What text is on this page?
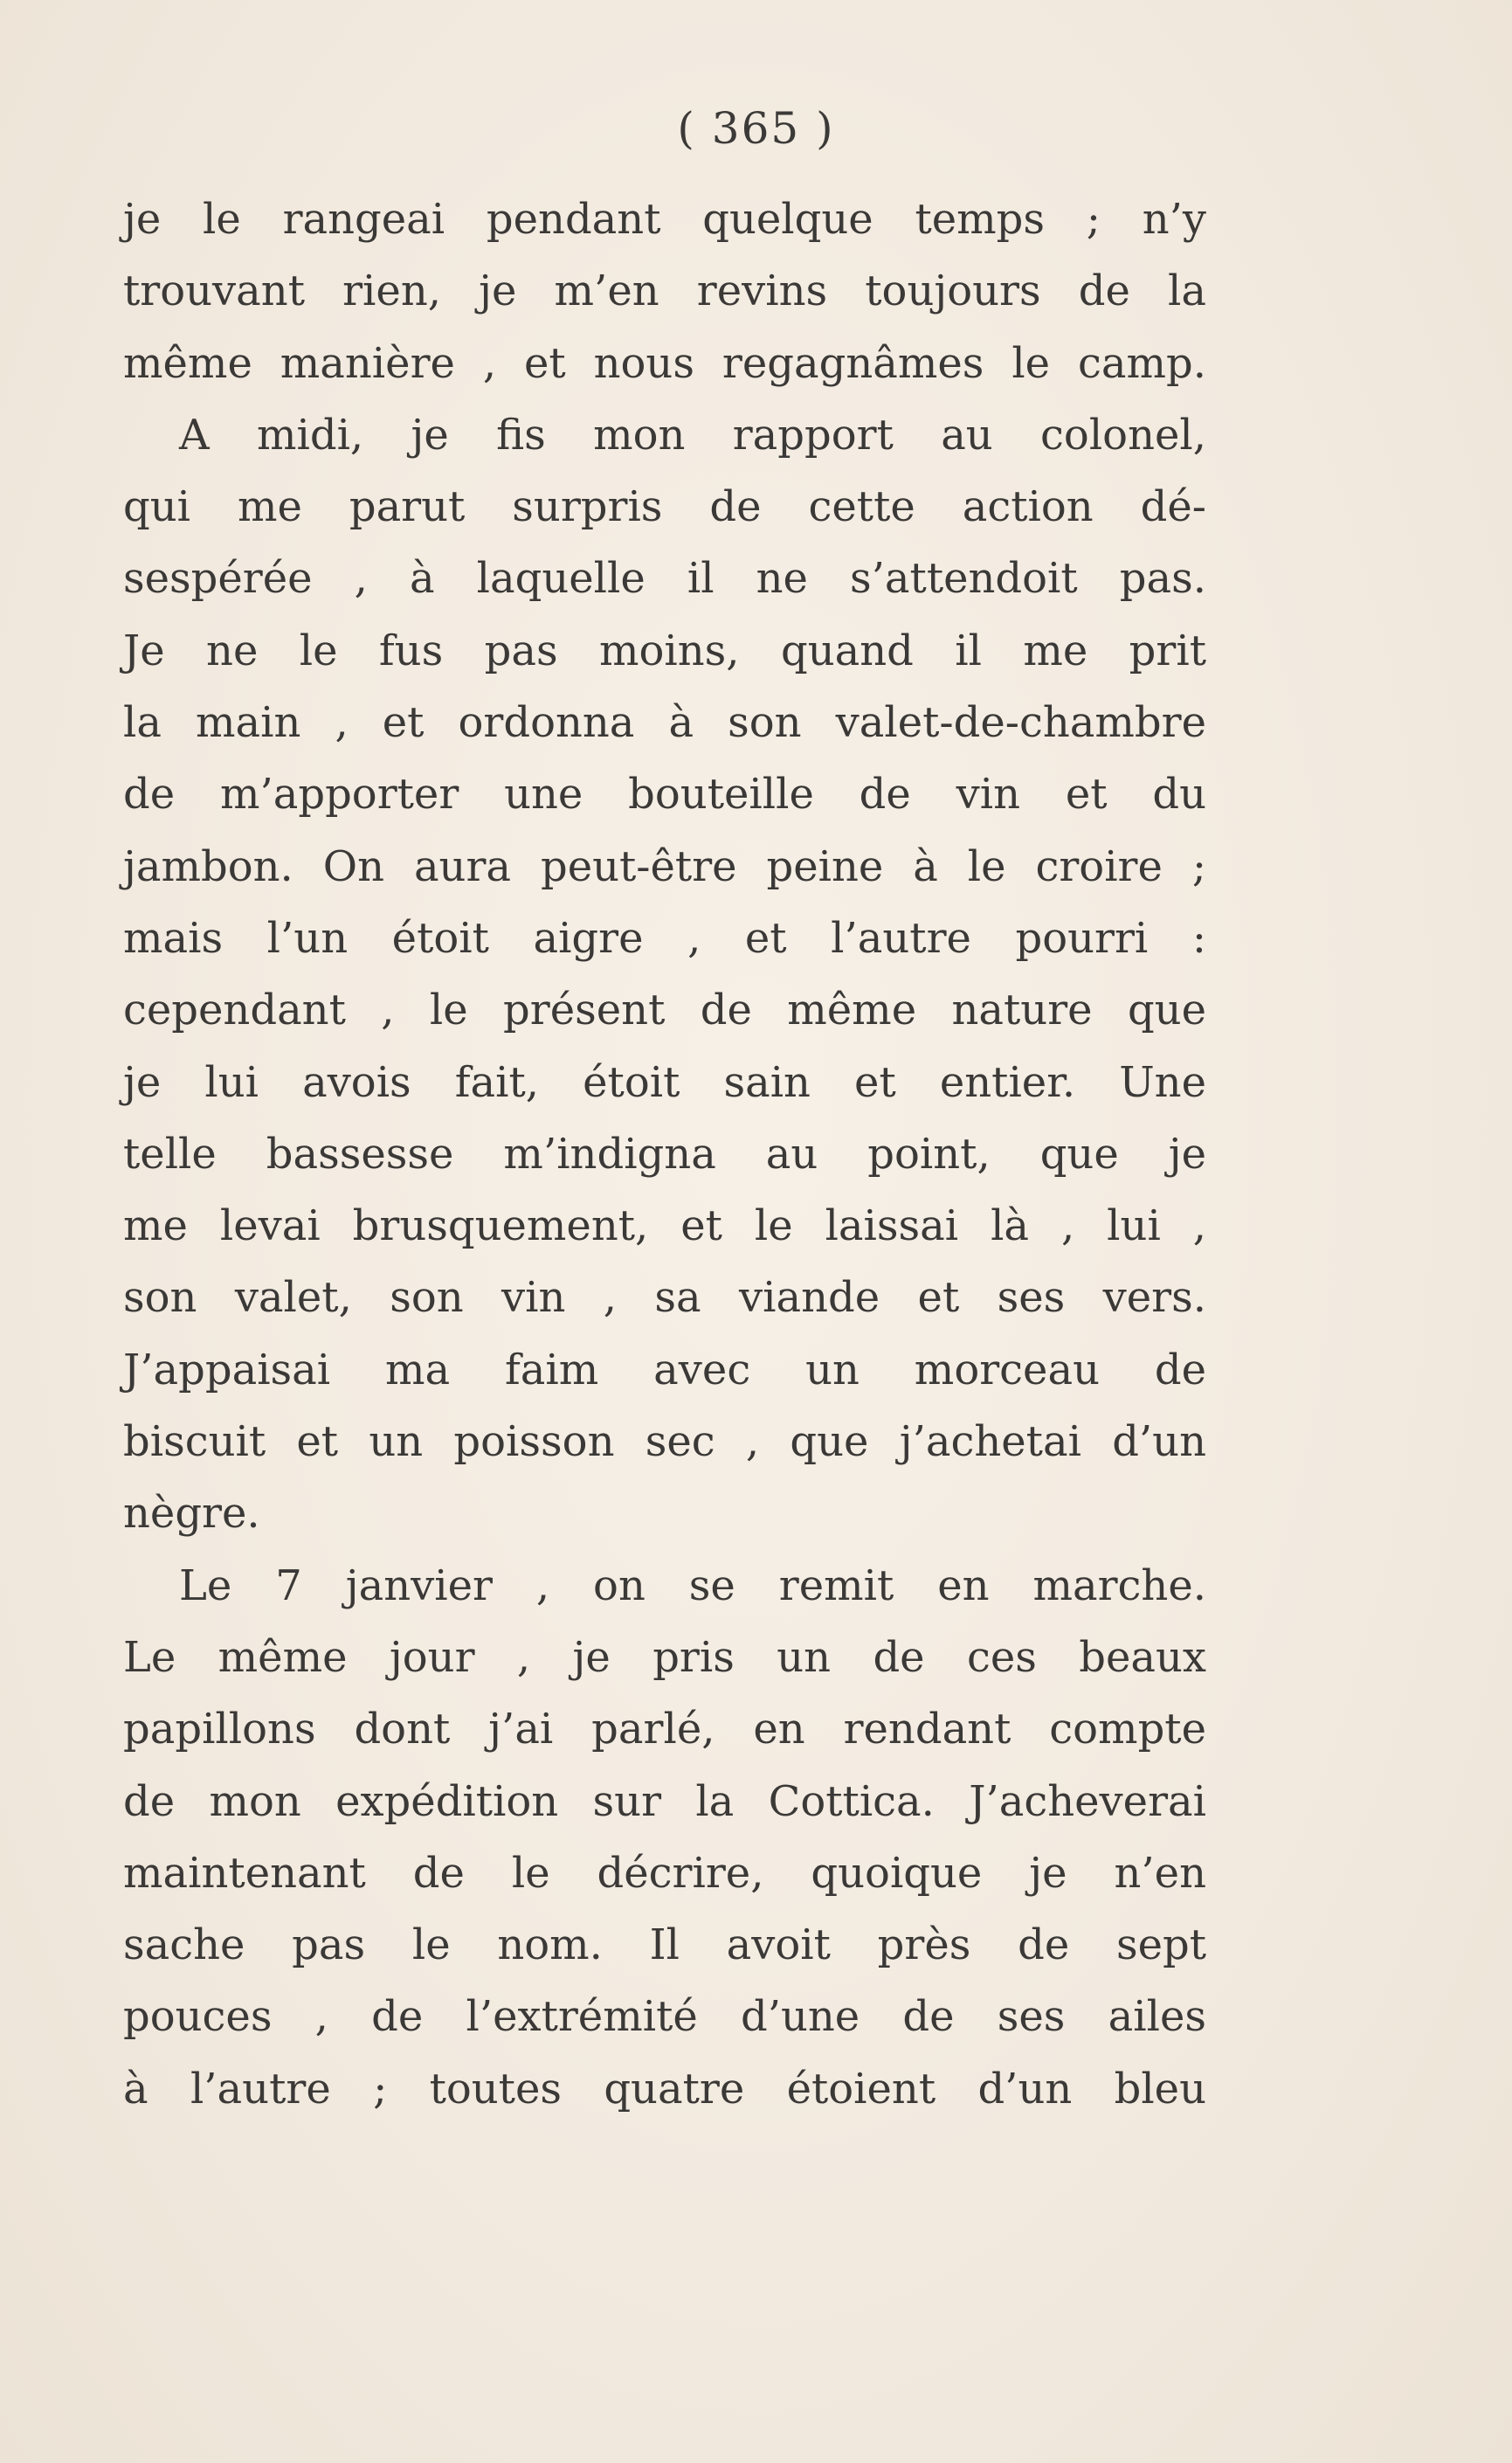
( 365 )
je le rangeai pendant quelque temps ; n’y
trouvant rien, je m’en revins toujours de la
même manière , et nous regagnâmes le camp.
A midi, je fis mon rapport au colonel,
qui me parut surpris de cette action dé-
sespérée , à laquelle il ne s’attendoit pas.
Je ne le fus pas moins, quand il me prit
la main , et ordonna à son valet-de-chambre
de m’apporter une bouteille de vin et du
jambon. On aura peut-être peine à le croire ;
mais l’un étoit aigre , et l’autre pourri :
cependant , le présent de même nature que
je lui avois fait, étoit sain et entier. Une
telle bassesse m’indigna au point, que je
me levai brusquement, et le laissai là , lui ,
son valet, son vin , sa viande et ses vers.
J’appaisai ma faim avec un morceau de
biscuit et un poisson sec , que j’achetai d’un
nègre.
Le 7 janvier , on se remit en marche.
Le même jour , je pris un de ces beaux
papillons dont j’ai parlé, en rendant compte
de mon expédition sur la Cottica. J’acheverai
maintenant de le décrire, quoique je n’en
sache pas le nom. Il avoit près de sept
pouces , de l’extrémité d’une de ses ailes
à l’autre ; toutes quatre étoient d’un bleu
